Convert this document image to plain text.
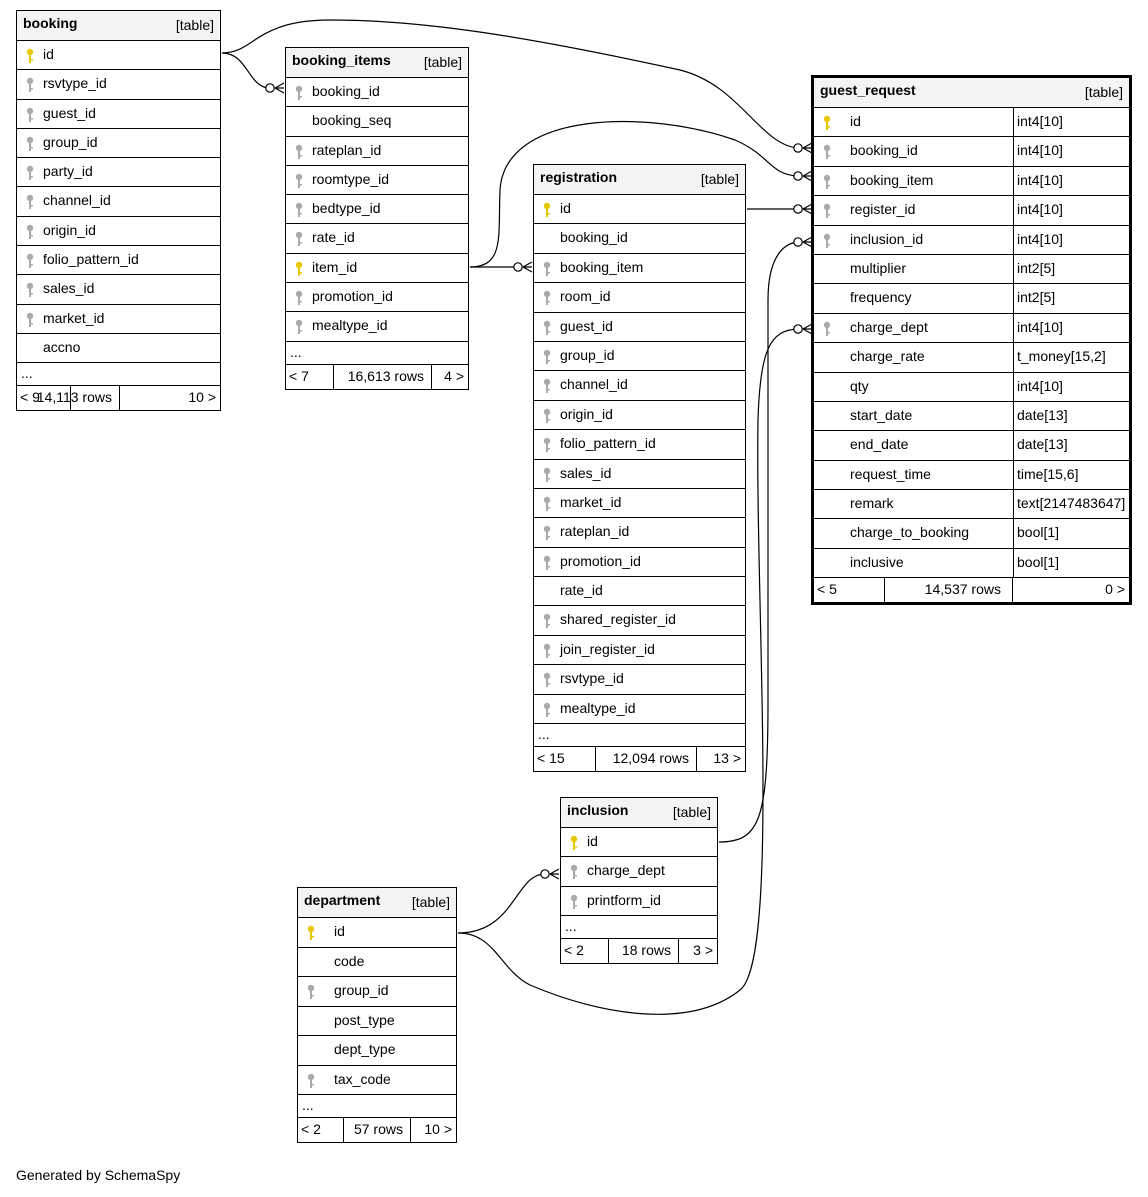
booking	[table]
id
rsvtype_id
guest_id
group_id
party_id
channel_id
origin_id
folio_pattern_id
sales_id
market_id
accno
...
< 9
14,113 rows	10 >
booking_items [table]
booking_id
booking_seq
rateplan_id
roomtype_id
bedtype_id
rate_id
item_id
promotion_id
mealtype_id
...
< 7	16,613 rows 4 >
registration	[table]
id
booking_id
booking_item
room_id
guest_id
group_id
channel_id
origin_id
folio_pattern_id
sales_id
market_id
rateplan_id
promotion_id
rate_id
shared_register_id
join_register_id
rsvtype_id
mealtype_id
...
< 15	12,094 rows 13 >
guest_request	[table]
id	int4[10]
booking_id	int4[10]
booking_item	int4[10]
register_id	int4[10]
inclusion_id	int4[10]
multiplier	int2[5]
frequency	int2[5]
charge_dept	int4[10]
charge_rate	t_money[15,2]
qty	int4[10]
start_date	date[13]
end_date	date[13]
request_time	time[15,6]
remark	text[2147483647]
charge_to_booking	bool[1]
inclusive	bool[1]
< 5	14,537 rows	0 >
inclusion	[table]
id
charge_dept
printform_id
...
< 2	18 rows 3 >
department [table]
id
code
group_id
post_type
dept_type
tax_code
...
< 2 57 rows 10 >
Generated by SchemaSpy
